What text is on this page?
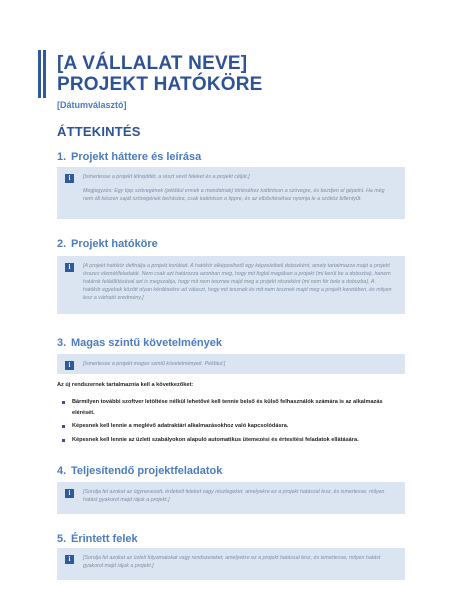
[A VÁLLALAT NEVE]
PROJEKT HATÓKÖRE
[Dátumválasztó]
ÁTTEKINTÉS
1. Projekt háttere és leírása
i	[Ismertesse a projekt létrejöttét, a részt vevő feleket és a projekt célját.]

Megjegyzés: Egy tipp szövegének (például ennek a mondatnak) törléséhez kattintson a szövegre, és kezdjen el gépelni. Ha még nem áll készen saját szövegének beírására, csak kattintson a tippre, és az elbővítéséhez nyomja le a szóköz billentyűt.

2. Projekt hatóköre
i	[A projekt hatókör definálja a projekt korlátait. A hatókör elképzelhető egy képzeletbeli dobozként, amely tartalmazza majd a projekt összes elemét/feladatát. Nem csak azt határozza azonban meg, hogy mit foglal magában a projekt (mi kerül be a dobozba), hanem határok feláállításával azt is megszabja, hogy mit nem teszneк majd meg a projekt részeként (mi nem fér bele a dobozba). A hatókör egyebek között olyan kérdésekre ad választ, hogy mit tesznek és mit nem tesznek majd meg a projekt keretében, és milyen lesz a várható eredmény.]

3. Magas szintű követelmények
i	[Ismertesse a projekt magas szintű követelményeit. Például:]

Az új rendszernek tartalmaznia kell a következőket:
Bármilyen további szoftver letöltése nélkül lehetővé kell tennie belső és külső felhasználók számára is az alkalmazás elérését.
Képesnek kell lennie a meglévő adatraktári alkalmazásokhoz való kapcsolódásra.
Képesnek kell lennie az üzleti szabályokon alapuló automatikus ütemezési és értesítési feladatok ellátására.
4. Teljesítendő projektfeladatok
i	[Sorolja fel azokat az úgynevezett, érdekelt feleket vagy részlegeket, amelyekre ez a projekt hatással lesz, és ismertesse, milyen hatást gyakorol majd rájuk a projekt.]

5. Érintett felek
i	[Sorolja fel azokat az üzleti folyamatokat vagy rendszereket, amelyekre ez a projekt hatással lesz, és ismertesse, milyen hatást gyakorol majd rájuk a projekt.]
